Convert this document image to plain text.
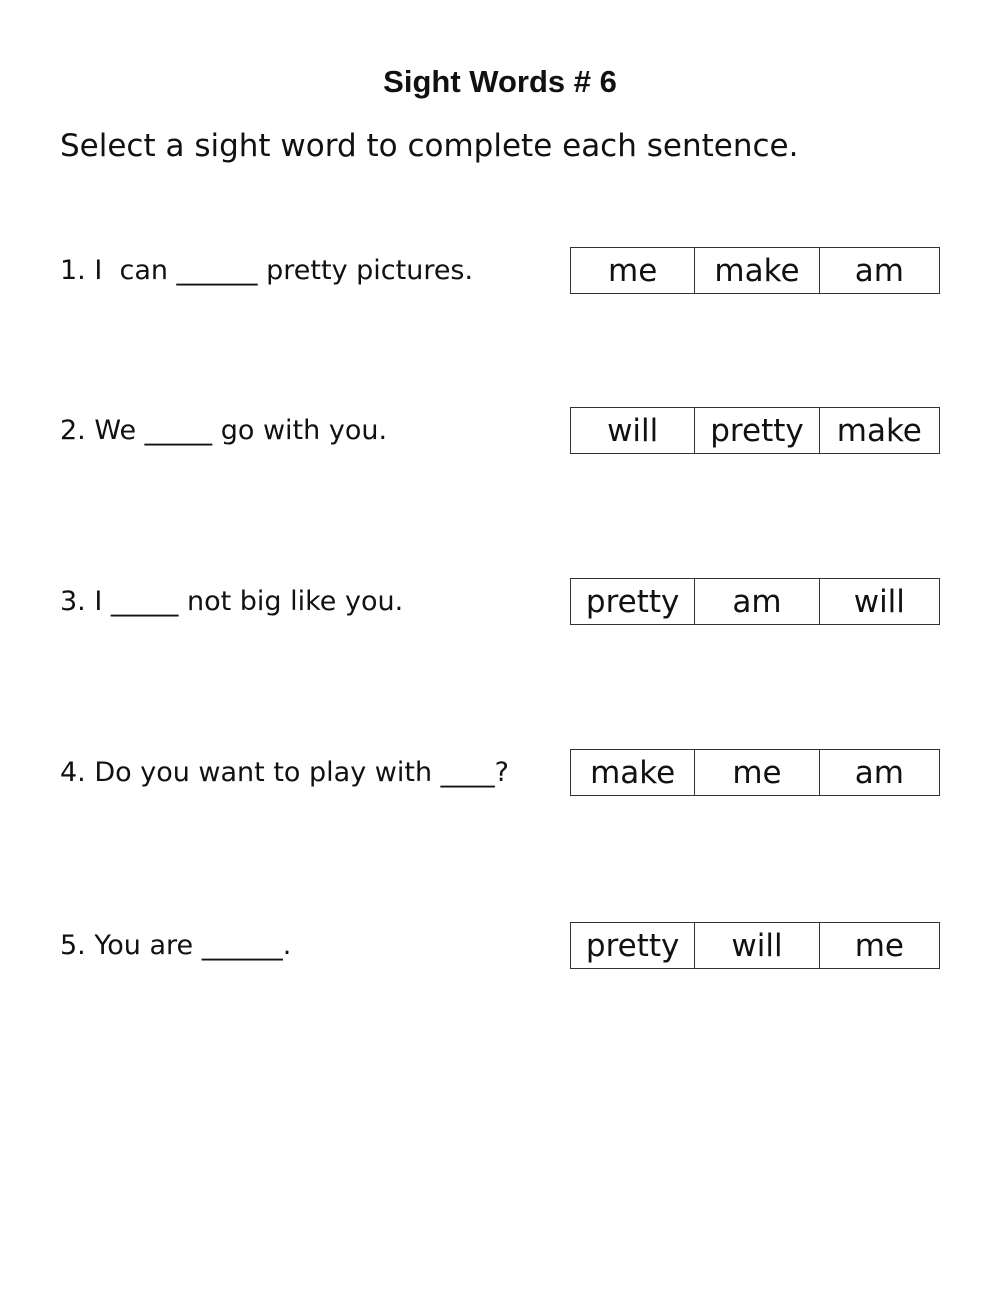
Sight Words # 6

Select a sight word to complete each sentence.

1. I  can ______ pretty pictures.	me	make	am

2. We _____ go with you.	will	pretty	make

3. I _____ not big like you.	pretty	am	will

4. Do you want to play with ____?	make	me	am

5. You are ______.	pretty	will	me
